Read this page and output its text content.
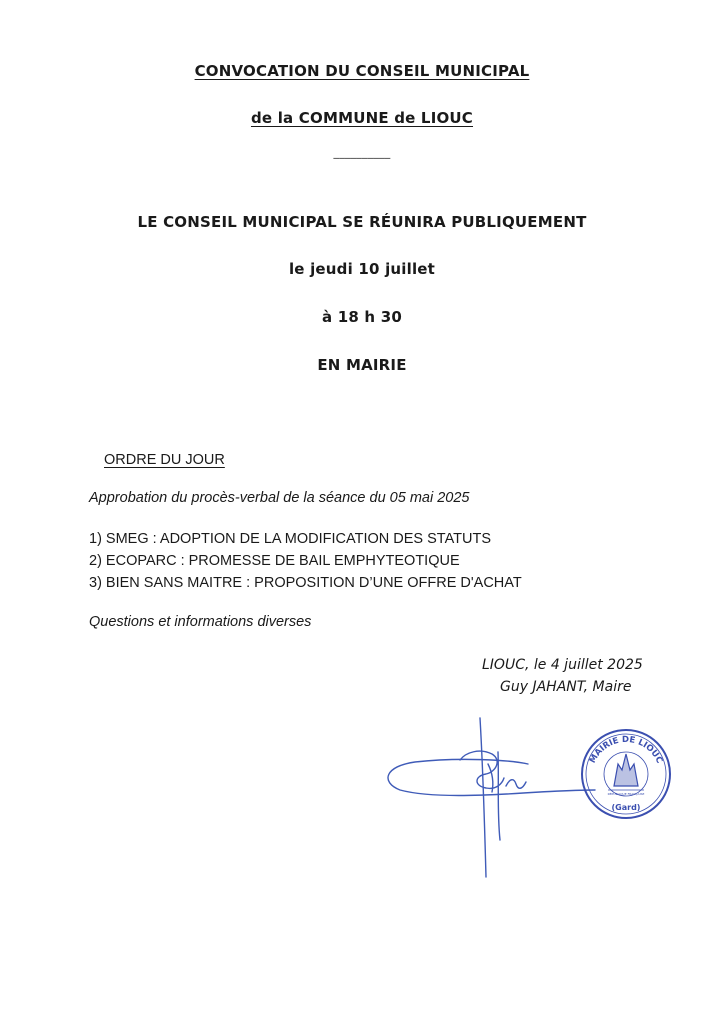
CONVOCATION DU CONSEIL MUNICIPAL
de la COMMUNE de LIOUC
__________
LE CONSEIL MUNICIPAL SE RÉUNIRA PUBLIQUEMENT
le jeudi 10 juillet
à 18 h 30
EN MAIRIE
ORDRE DU JOUR
Approbation du procès-verbal de la séance du 05 mai 2025
1) SMEG : ADOPTION DE LA MODIFICATION DES STATUTS
2) ECOPARC : PROMESSE DE BAIL EMPHYTEOTIQUE
3) BIEN SANS MAITRE : PROPOSITION D’UNE OFFRE D'ACHAT
Questions et informations diverses
LIOUC, le 4 juillet 2025
Guy JAHANT, Maire
MAIRIE DE LIOUC
RÉPUBLIQUE FRANÇAISE
(Gard)
